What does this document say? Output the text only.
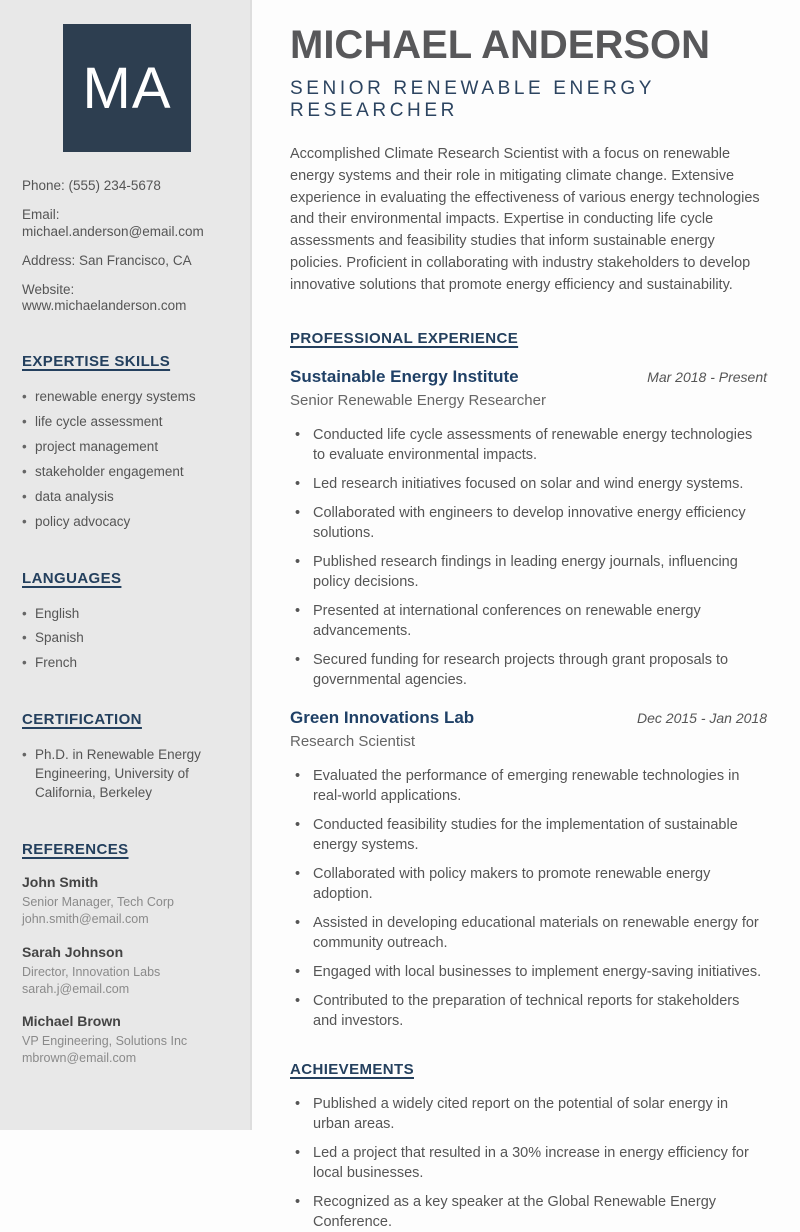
MA
Phone: (555) 234-5678
Email: michael.anderson@email.com
Address: San Francisco, CA
Website: www.michaelanderson.com
EXPERTISE SKILLS
• renewable energy systems
• life cycle assessment
• project management
• stakeholder engagement
• data analysis
• policy advocacy
LANGUAGES
• English
• Spanish
• French
CERTIFICATION
• Ph.D. in Renewable Energy Engineering, University of California, Berkeley
REFERENCES
John Smith
Senior Manager, Tech Corp
john.smith@email.com
Sarah Johnson
Director, Innovation Labs
sarah.j@email.com
Michael Brown
VP Engineering, Solutions Inc
mbrown@email.com
MICHAEL ANDERSON
SENIOR RENEWABLE ENERGY RESEARCHER

Accomplished Climate Research Scientist with a focus on renewable energy systems and their role in mitigating climate change. Extensive experience in evaluating the effectiveness of various energy technologies and their environmental impacts. Expertise in conducting life cycle assessments and feasibility studies that inform sustainable energy policies. Proficient in collaborating with industry stakeholders to develop innovative solutions that promote energy efficiency and sustainability.

PROFESSIONAL EXPERIENCE
Sustainable Energy Institute	Mar 2018 - Present
Senior Renewable Energy Researcher
• Conducted life cycle assessments of renewable energy technologies to evaluate environmental impacts.
• Led research initiatives focused on solar and wind energy systems.
• Collaborated with engineers to develop innovative energy efficiency solutions.
• Published research findings in leading energy journals, influencing policy decisions.
• Presented at international conferences on renewable energy advancements.
• Secured funding for research projects through grant proposals to governmental agencies.
Green Innovations Lab	Dec 2015 - Jan 2018
Research Scientist
• Evaluated the performance of emerging renewable technologies in real-world applications.
• Conducted feasibility studies for the implementation of sustainable energy systems.
• Collaborated with policy makers to promote renewable energy adoption.
• Assisted in developing educational materials on renewable energy for community outreach.
• Engaged with local businesses to implement energy-saving initiatives.
• Contributed to the preparation of technical reports for stakeholders and investors.
ACHIEVEMENTS
• Published a widely cited report on the potential of solar energy in urban areas.
• Led a project that resulted in a 30% increase in energy efficiency for local businesses.
• Recognized as a key speaker at the Global Renewable Energy Conference.
